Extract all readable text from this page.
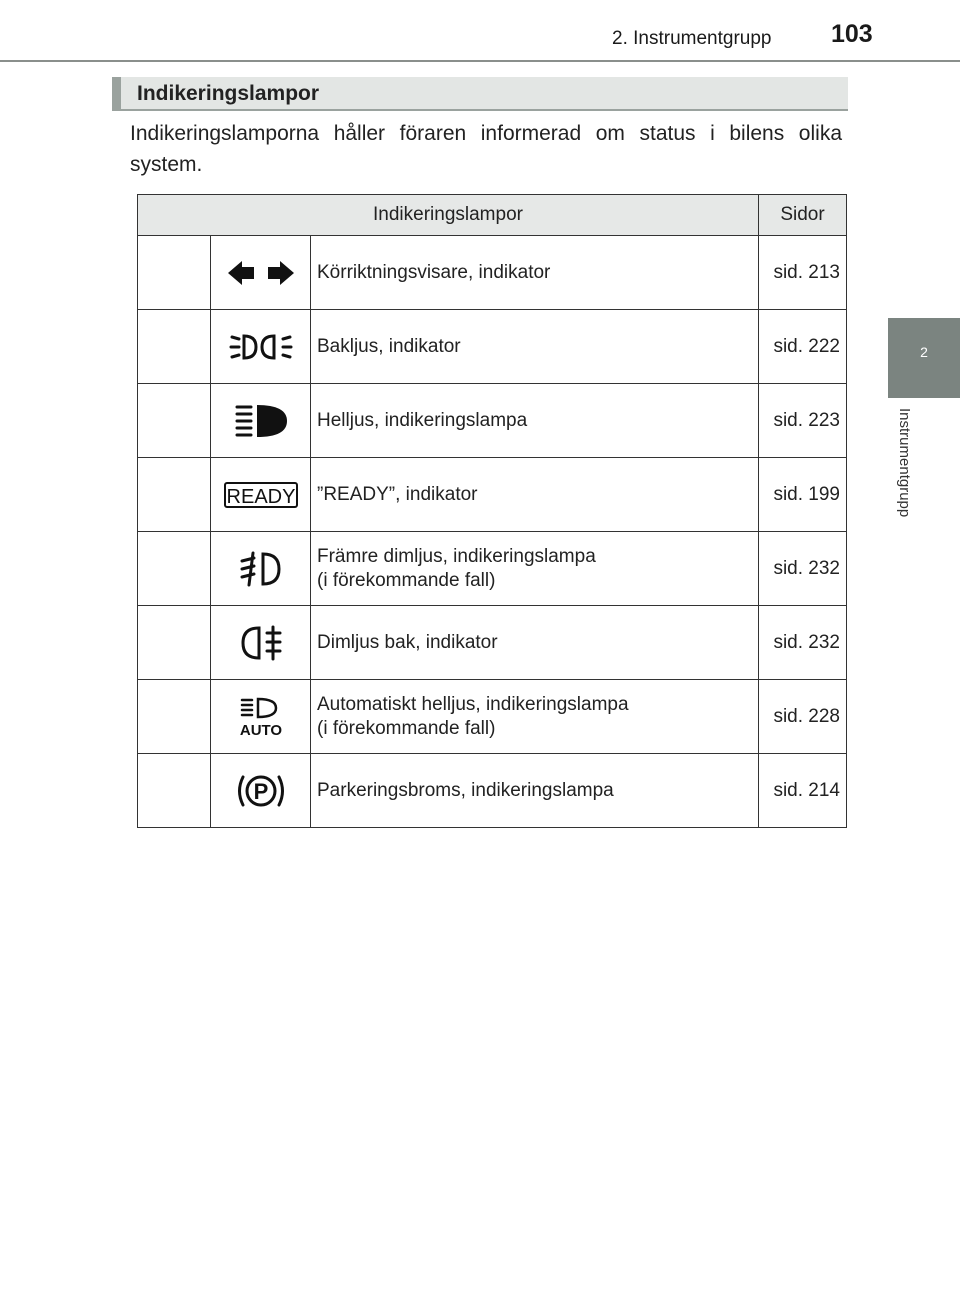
2. Instrumentgrupp 103
2
Instrumentgrupp
Indikeringslampor
Indikeringslamporna håller föraren informerad om status i bilens olika system.
Indikeringslampor			Sidor

	Körriktningsvisare, indikator	sid. 213

	Bakljus, indikator	sid. 222

	Helljus, indikeringslampa	sid. 223

READY	”READY”, indikator	sid. 199

Främre dimljus, indikeringslampa
(i förekommande fall)	sid. 232

	Dimljus bak, indikator	sid. 232

AUTO	Automatiskt helljus, indikeringslampa
(i förekommande fall)	sid. 228

P	Parkeringsbroms, indikeringslampa	sid. 214
